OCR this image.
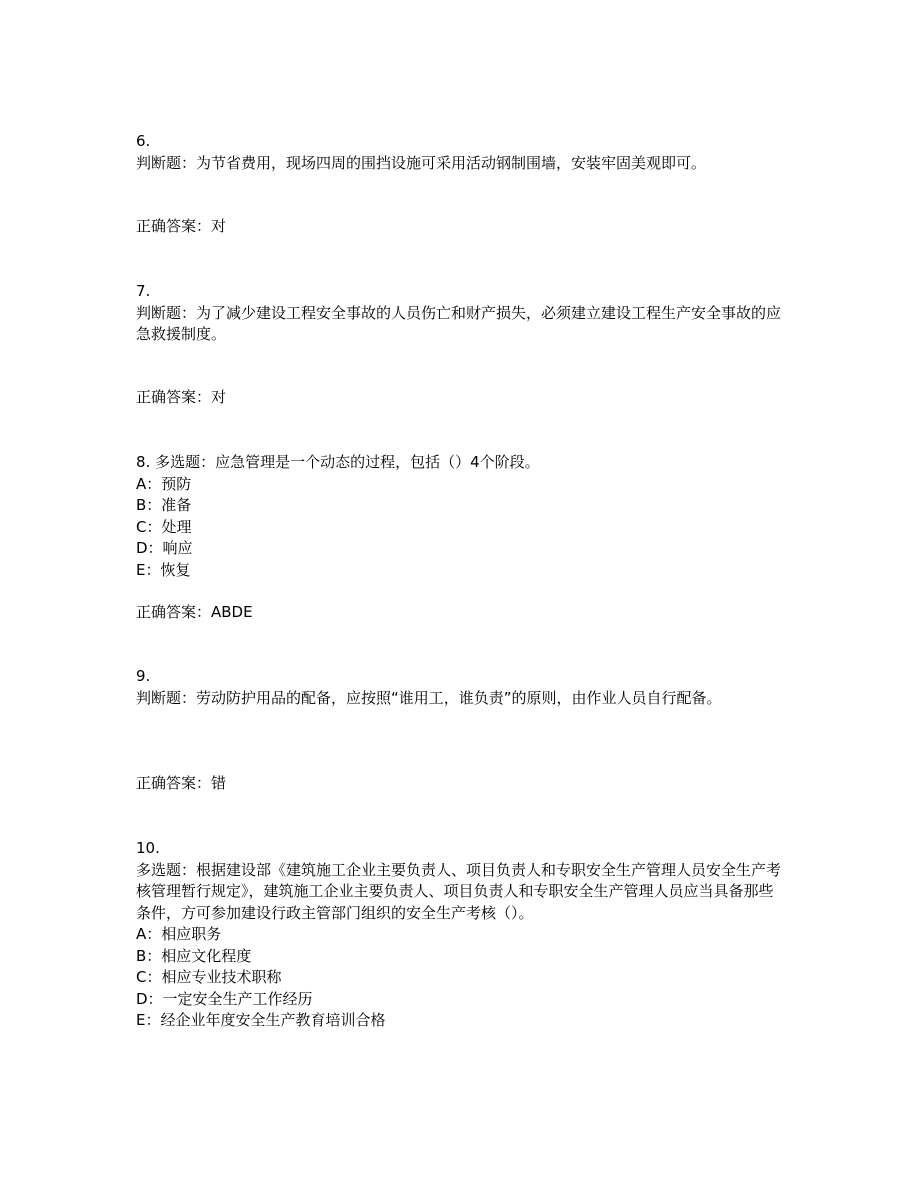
6.
判断题：为节省费用，现场四周的围挡设施可采用活动钢制围墙，安装牢固美观即可。
正确答案：对
7.
判断题：为了减少建设工程安全事故的人员伤亡和财产损失，必须建立建设工程生产安全事故的应急救援制度。
正确答案：对
8. 多选题：应急管理是一个动态的过程，包括（）4个阶段。
A：预防
B：准备
C：处理
D：响应
E：恢复
正确答案：ABDE
9.
判断题：劳动防护用品的配备，应按照“谁用工，谁负责”的原则，由作业人员自行配备。
正确答案：错
10.
多选题：根据建设部《建筑施工企业主要负责人、项目负责人和专职安全生产管理人员安全生产考核管理暂行规定》，建筑施工企业主要负责人、项目负责人和专职安全生产管理人员应当具备那些条件，方可参加建设行政主管部门组织的安全生产考核（）。
A：相应职务
B：相应文化程度
C：相应专业技术职称
D：一定安全生产工作经历
E：经企业年度安全生产教育培训合格
